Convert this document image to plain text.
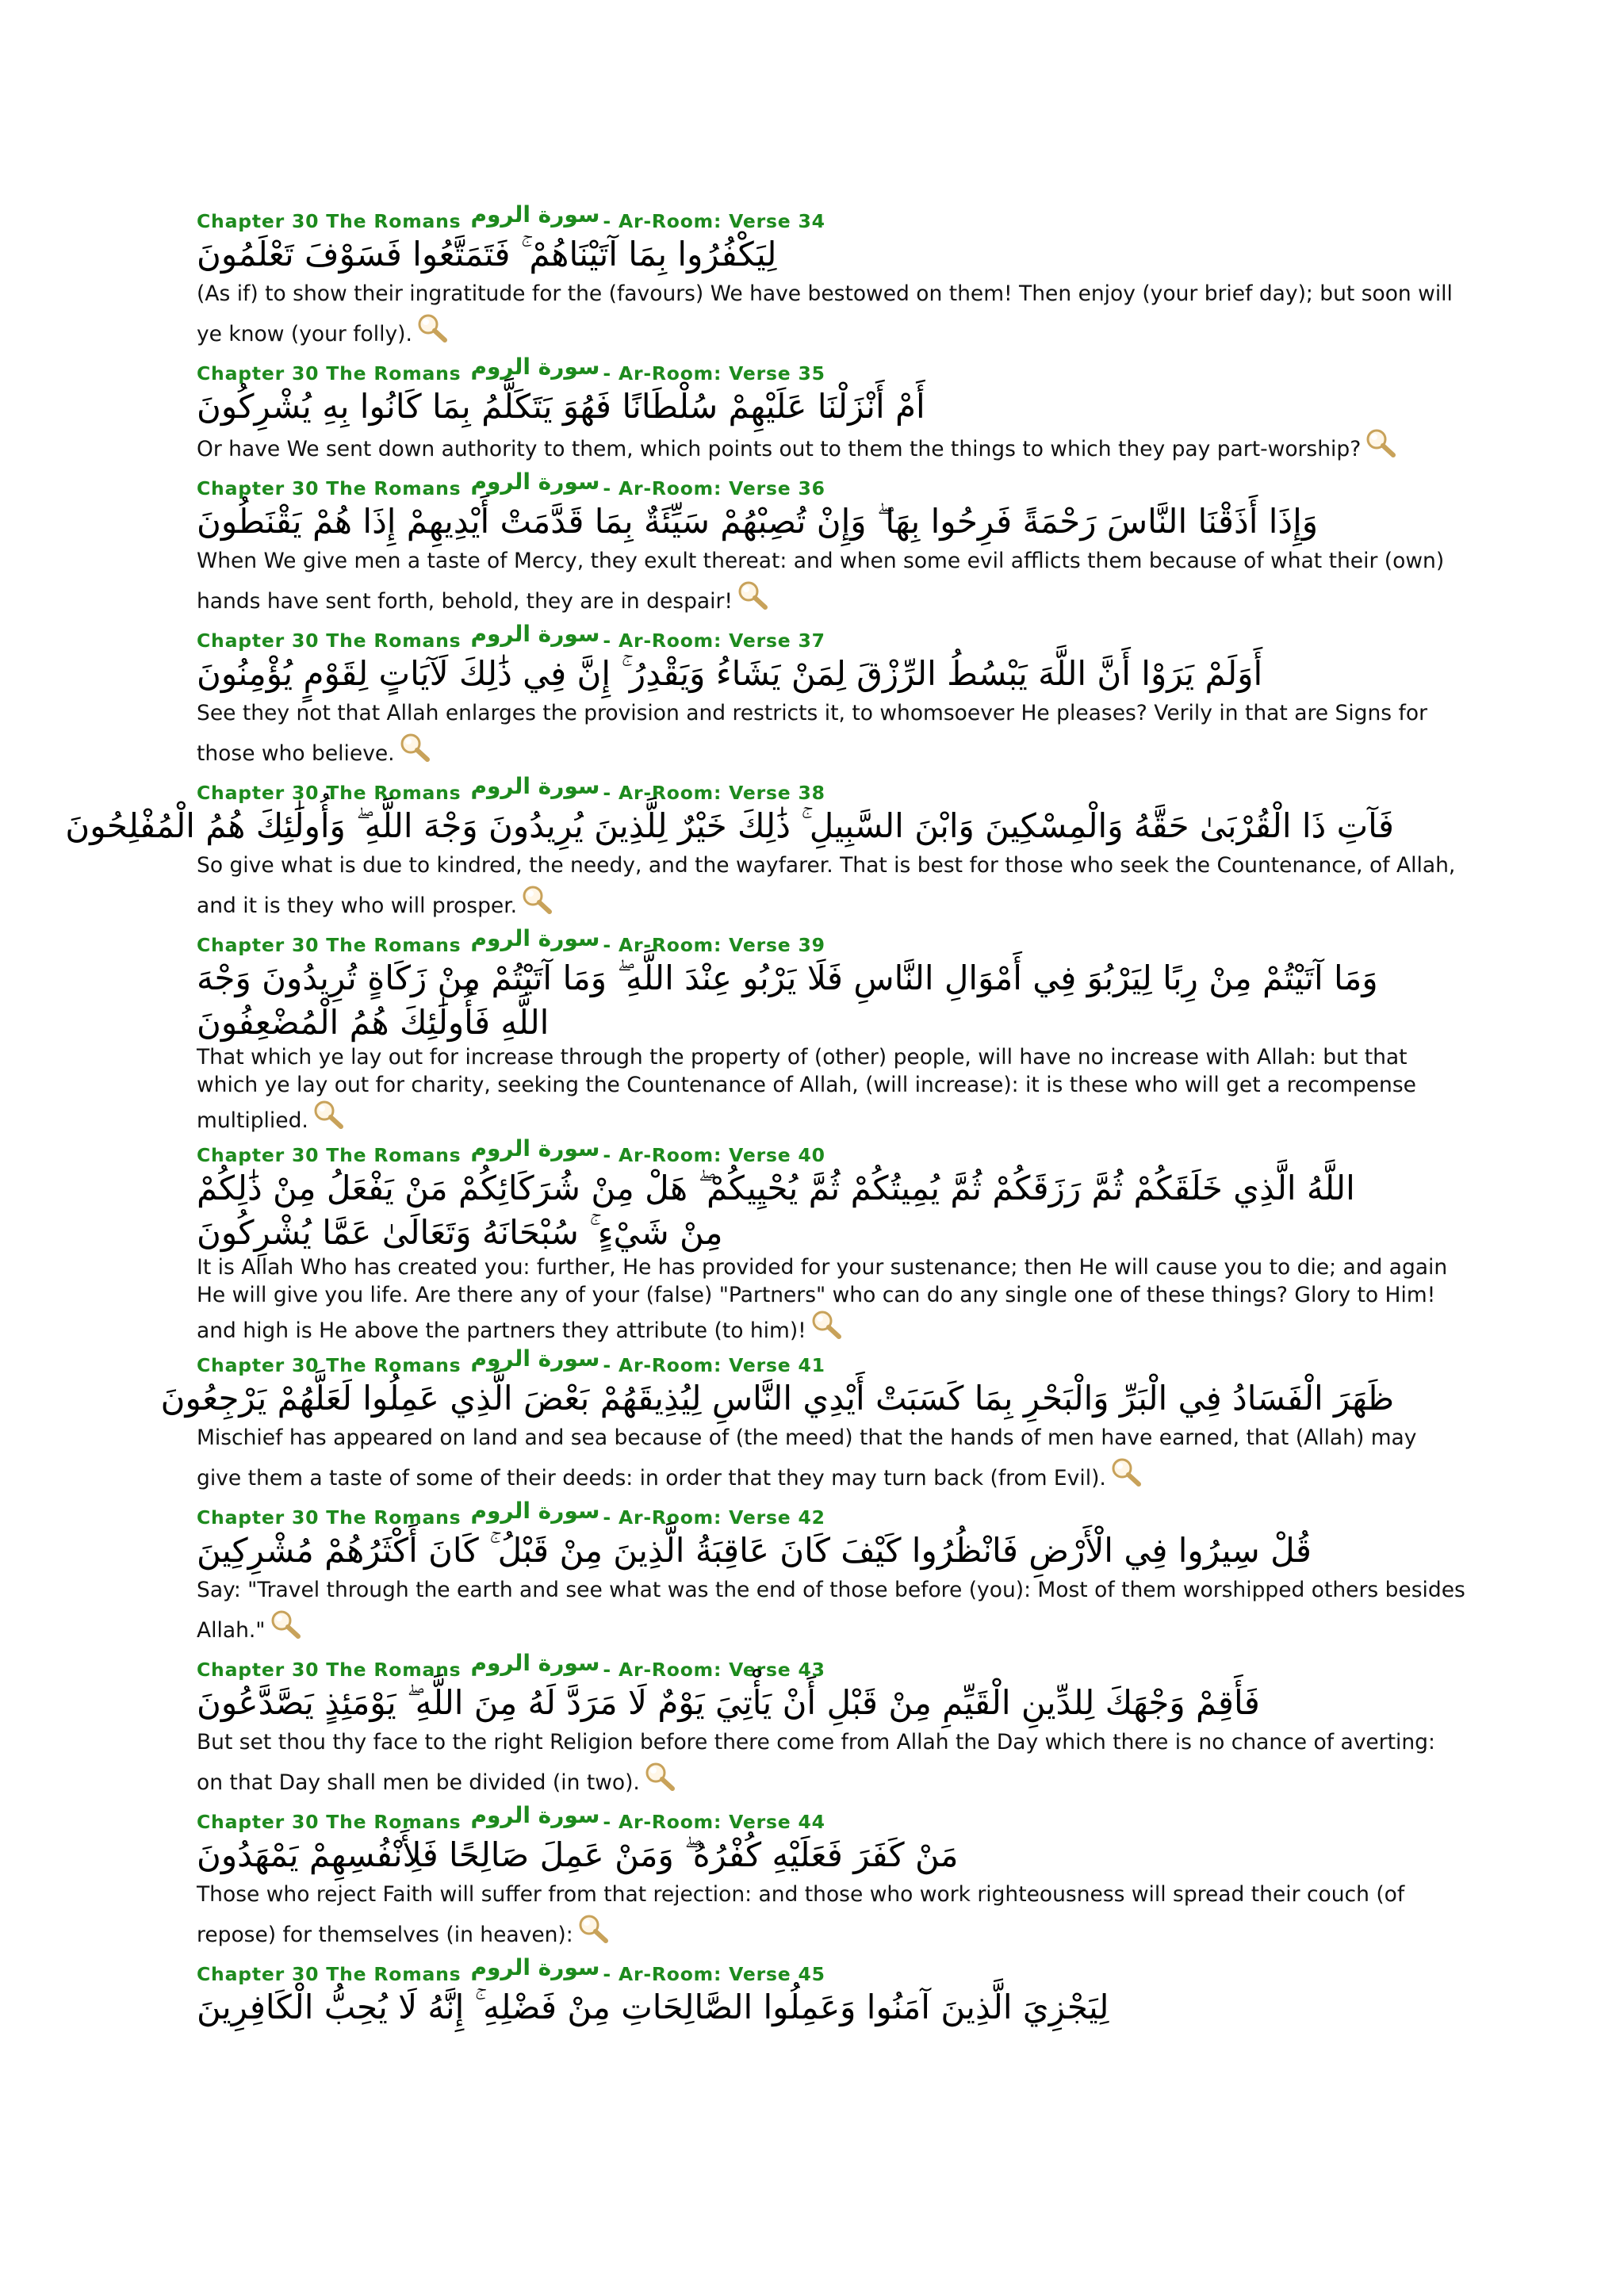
Chapter 30 The Romans سورة الروم - Ar-Room: Verse
34
لِيَكْفُرُوا بِمَا آتَيْنَاهُمْ ۚ فَتَمَتَّعُوا فَسَوْفَ تَعْلَمُونَ
(As if) to show their ingratitude for the (favours) We have bestowed on them! Then enjoy (your brief day); but soon will ye know (your folly).
Chapter 30 The Romans سورة الروم - Ar-Room: Verse
35
أَمْ أَنْزَلْنَا عَلَيْهِمْ سُلْطَانًا فَهُوَ يَتَكَلَّمُ بِمَا كَانُوا بِهِ يُشْرِكُونَ
Or have We sent down authority to them, which points out to them the things to which they pay part-worship?
Chapter 30 The Romans سورة الروم - Ar-Room: Verse
36
وَإِذَا أَذَقْنَا النَّاسَ رَحْمَةً فَرِحُوا بِهَا ۖ وَإِنْ تُصِبْهُمْ سَيِّئَةٌ بِمَا قَدَّمَتْ أَيْدِيهِمْ إِذَا هُمْ يَقْنَطُونَ
When We give men a taste of Mercy, they exult thereat: and when some evil afflicts them because of what their (own) hands have sent forth, behold, they are in despair!
Chapter 30 The Romans سورة الروم - Ar-Room: Verse
37
أَوَلَمْ يَرَوْا أَنَّ اللَّهَ يَبْسُطُ الرِّزْقَ لِمَنْ يَشَاءُ وَيَقْدِرُ ۚ إِنَّ فِي ذَٰلِكَ لَآيَاتٍ لِقَوْمٍ يُؤْمِنُونَ
See they not that Allah enlarges the provision and restricts it, to whomsoever He pleases? Verily in that are Signs for those who believe.
Chapter 30 The Romans سورة الروم - Ar-Room: Verse
38
فَآتِ ذَا الْقُرْبَىٰ حَقَّهُ وَالْمِسْكِينَ وَابْنَ السَّبِيلِ ۚ ذَٰلِكَ خَيْرٌ لِلَّذِينَ يُرِيدُونَ وَجْهَ اللَّهِ ۖ وَأُولَٰئِكَ هُمُ الْمُفْلِحُونَ
So give what is due to kindred, the needy, and the wayfarer. That is best for those who seek the Countenance, of Allah, and it is they who will prosper.
Chapter 30 The Romans سورة الروم - Ar-Room: Verse
39
وَمَا آتَيْتُمْ مِنْ رِبًا لِيَرْبُوَ فِي أَمْوَالِ النَّاسِ فَلَا يَرْبُو عِنْدَ اللَّهِ ۖ وَمَا آتَيْتُمْ مِنْ زَكَاةٍ تُرِيدُونَ وَجْهَ اللَّهِ فَأُولَٰئِكَ هُمُ الْمُضْعِفُونَ
That which ye lay out for increase through the property of (other) people, will have no increase with Allah: but that which ye lay out for charity, seeking the Countenance of Allah, (will increase): it is these who will get a recompense multiplied.
Chapter 30 The Romans سورة الروم - Ar-Room: Verse
40
اللَّهُ الَّذِي خَلَقَكُمْ ثُمَّ رَزَقَكُمْ ثُمَّ يُمِيتُكُمْ ثُمَّ يُحْيِيكُمْ ۖ هَلْ مِنْ شُرَكَائِكُمْ مَنْ يَفْعَلُ مِنْ ذَٰلِكُمْ مِنْ شَيْءٍ ۚ سُبْحَانَهُ وَتَعَالَىٰ عَمَّا يُشْرِكُونَ
It is Allah Who has created you: further, He has provided for your sustenance; then He will cause you to die; and again He will give you life. Are there any of your (false) "Partners" who can do any single one of these things? Glory to Him! and high is He above the partners they attribute (to him)!
Chapter 30 The Romans سورة الروم - Ar-Room: Verse
41
ظَهَرَ الْفَسَادُ فِي الْبَرِّ وَالْبَحْرِ بِمَا كَسَبَتْ أَيْدِي النَّاسِ لِيُذِيقَهُمْ بَعْضَ الَّذِي عَمِلُوا لَعَلَّهُمْ يَرْجِعُونَ
Mischief has appeared on land and sea because of (the meed) that the hands of men have earned, that (Allah) may give them a taste of some of their deeds: in order that they may turn back (from Evil).
Chapter 30 The Romans سورة الروم - Ar-Room: Verse
42
قُلْ سِيرُوا فِي الْأَرْضِ فَانْظُرُوا كَيْفَ كَانَ عَاقِبَةُ الَّذِينَ مِنْ قَبْلُ ۚ كَانَ أَكْثَرُهُمْ مُشْرِكِينَ
Say: "Travel through the earth and see what was the end of those before (you): Most of them worshipped others besides Allah."
Chapter 30 The Romans سورة الروم - Ar-Room: Verse
43
فَأَقِمْ وَجْهَكَ لِلدِّينِ الْقَيِّمِ مِنْ قَبْلِ أَنْ يَأْتِيَ يَوْمٌ لَا مَرَدَّ لَهُ مِنَ اللَّهِ ۖ يَوْمَئِذٍ يَصَّدَّعُونَ
But set thou thy face to the right Religion before there come from Allah the Day which there is no chance of averting: on that Day shall men be divided (in two).
Chapter 30 The Romans سورة الروم - Ar-Room: Verse
44
مَنْ كَفَرَ فَعَلَيْهِ كُفْرُهُ ۖ وَمَنْ عَمِلَ صَالِحًا فَلِأَنْفُسِهِمْ يَمْهَدُونَ
Those who reject Faith will suffer from that rejection: and those who work righteousness will spread their couch (of repose) for themselves (in heaven):
Chapter 30 The Romans سورة الروم - Ar-Room: Verse
45
لِيَجْزِيَ الَّذِينَ آمَنُوا وَعَمِلُوا الصَّالِحَاتِ مِنْ فَضْلِهِ ۚ إِنَّهُ لَا يُحِبُّ الْكَافِرِينَ
